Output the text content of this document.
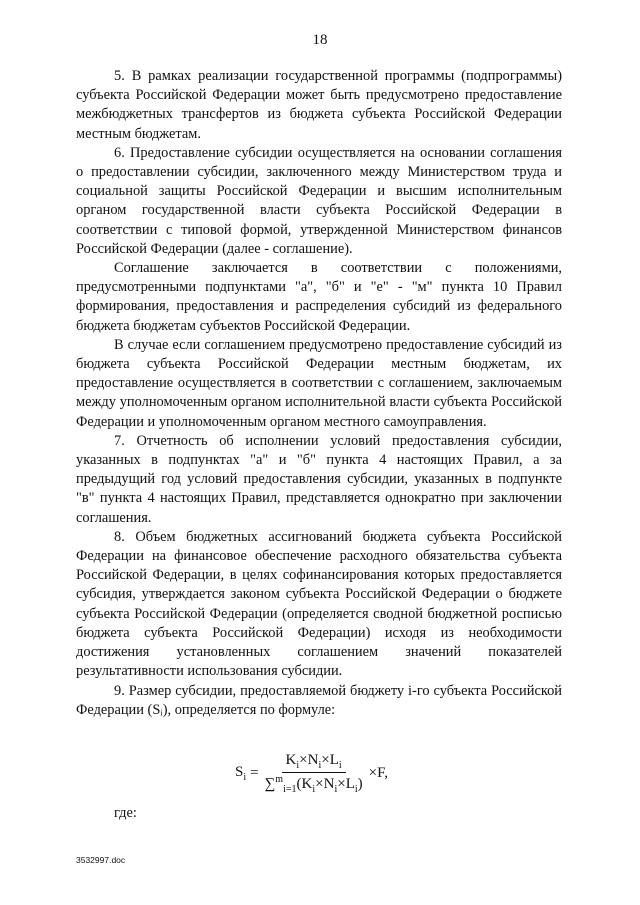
18

5. В рамках реализации государственной программы (подпрограммы) субъекта Российской Федерации может быть предусмотрено предоставление межбюджетных трансфертов из бюджета субъекта Российской Федерации местным бюджетам.

6. Предоставление субсидии осуществляется на основании соглашения о предоставлении субсидии, заключенного между Министерством труда и социальной защиты Российской Федерации и высшим исполнительным органом государственной власти субъекта Российской Федерации в соответствии с типовой формой, утвержденной Министерством финансов Российской Федерации (далее - соглашение).

Соглашение заключается в соответствии с положениями, предусмотренными подпунктами "а", "б" и "е" - "м" пункта 10 Правил формирования, предоставления и распределения субсидий из федерального бюджета бюджетам субъектов Российской Федерации.

В случае если соглашением предусмотрено предоставление субсидий из бюджета субъекта Российской Федерации местным бюджетам, их предоставление осуществляется в соответствии с соглашением, заключаемым между уполномоченным органом исполнительной власти субъекта Российской Федерации и уполномоченным органом местного самоуправления.

7. Отчетность об исполнении условий предоставления субсидии, указанных в подпунктах "а" и "б" пункта 4 настоящих Правил, а за предыдущий год условий предоставления субсидии, указанных в подпункте "в" пункта 4 настоящих Правил, представляется однократно при заключении соглашения.

8. Объем бюджетных ассигнований бюджета субъекта Российской Федерации на финансовое обеспечение расходного обязательства субъекта Российской Федерации, в целях софинансирования которых предоставляется субсидия, утверждается законом субъекта Российской Федерации о бюджете субъекта Российской Федерации (определяется сводной бюджетной росписью бюджета субъекта Российской Федерации) исходя из необходимости достижения установленных соглашением значений показателей результативности использования субсидии.

9. Размер субсидии, предоставляемой бюджету i-го субъекта Российской Федерации (Sᵢ), определяется по формуле:

$S_i = \frac{K_i\times N_i\times L_i}{\sum^m_{i=1}(K_i\times N_i\times L_i)} \times F$,
где:
3532997.doc
